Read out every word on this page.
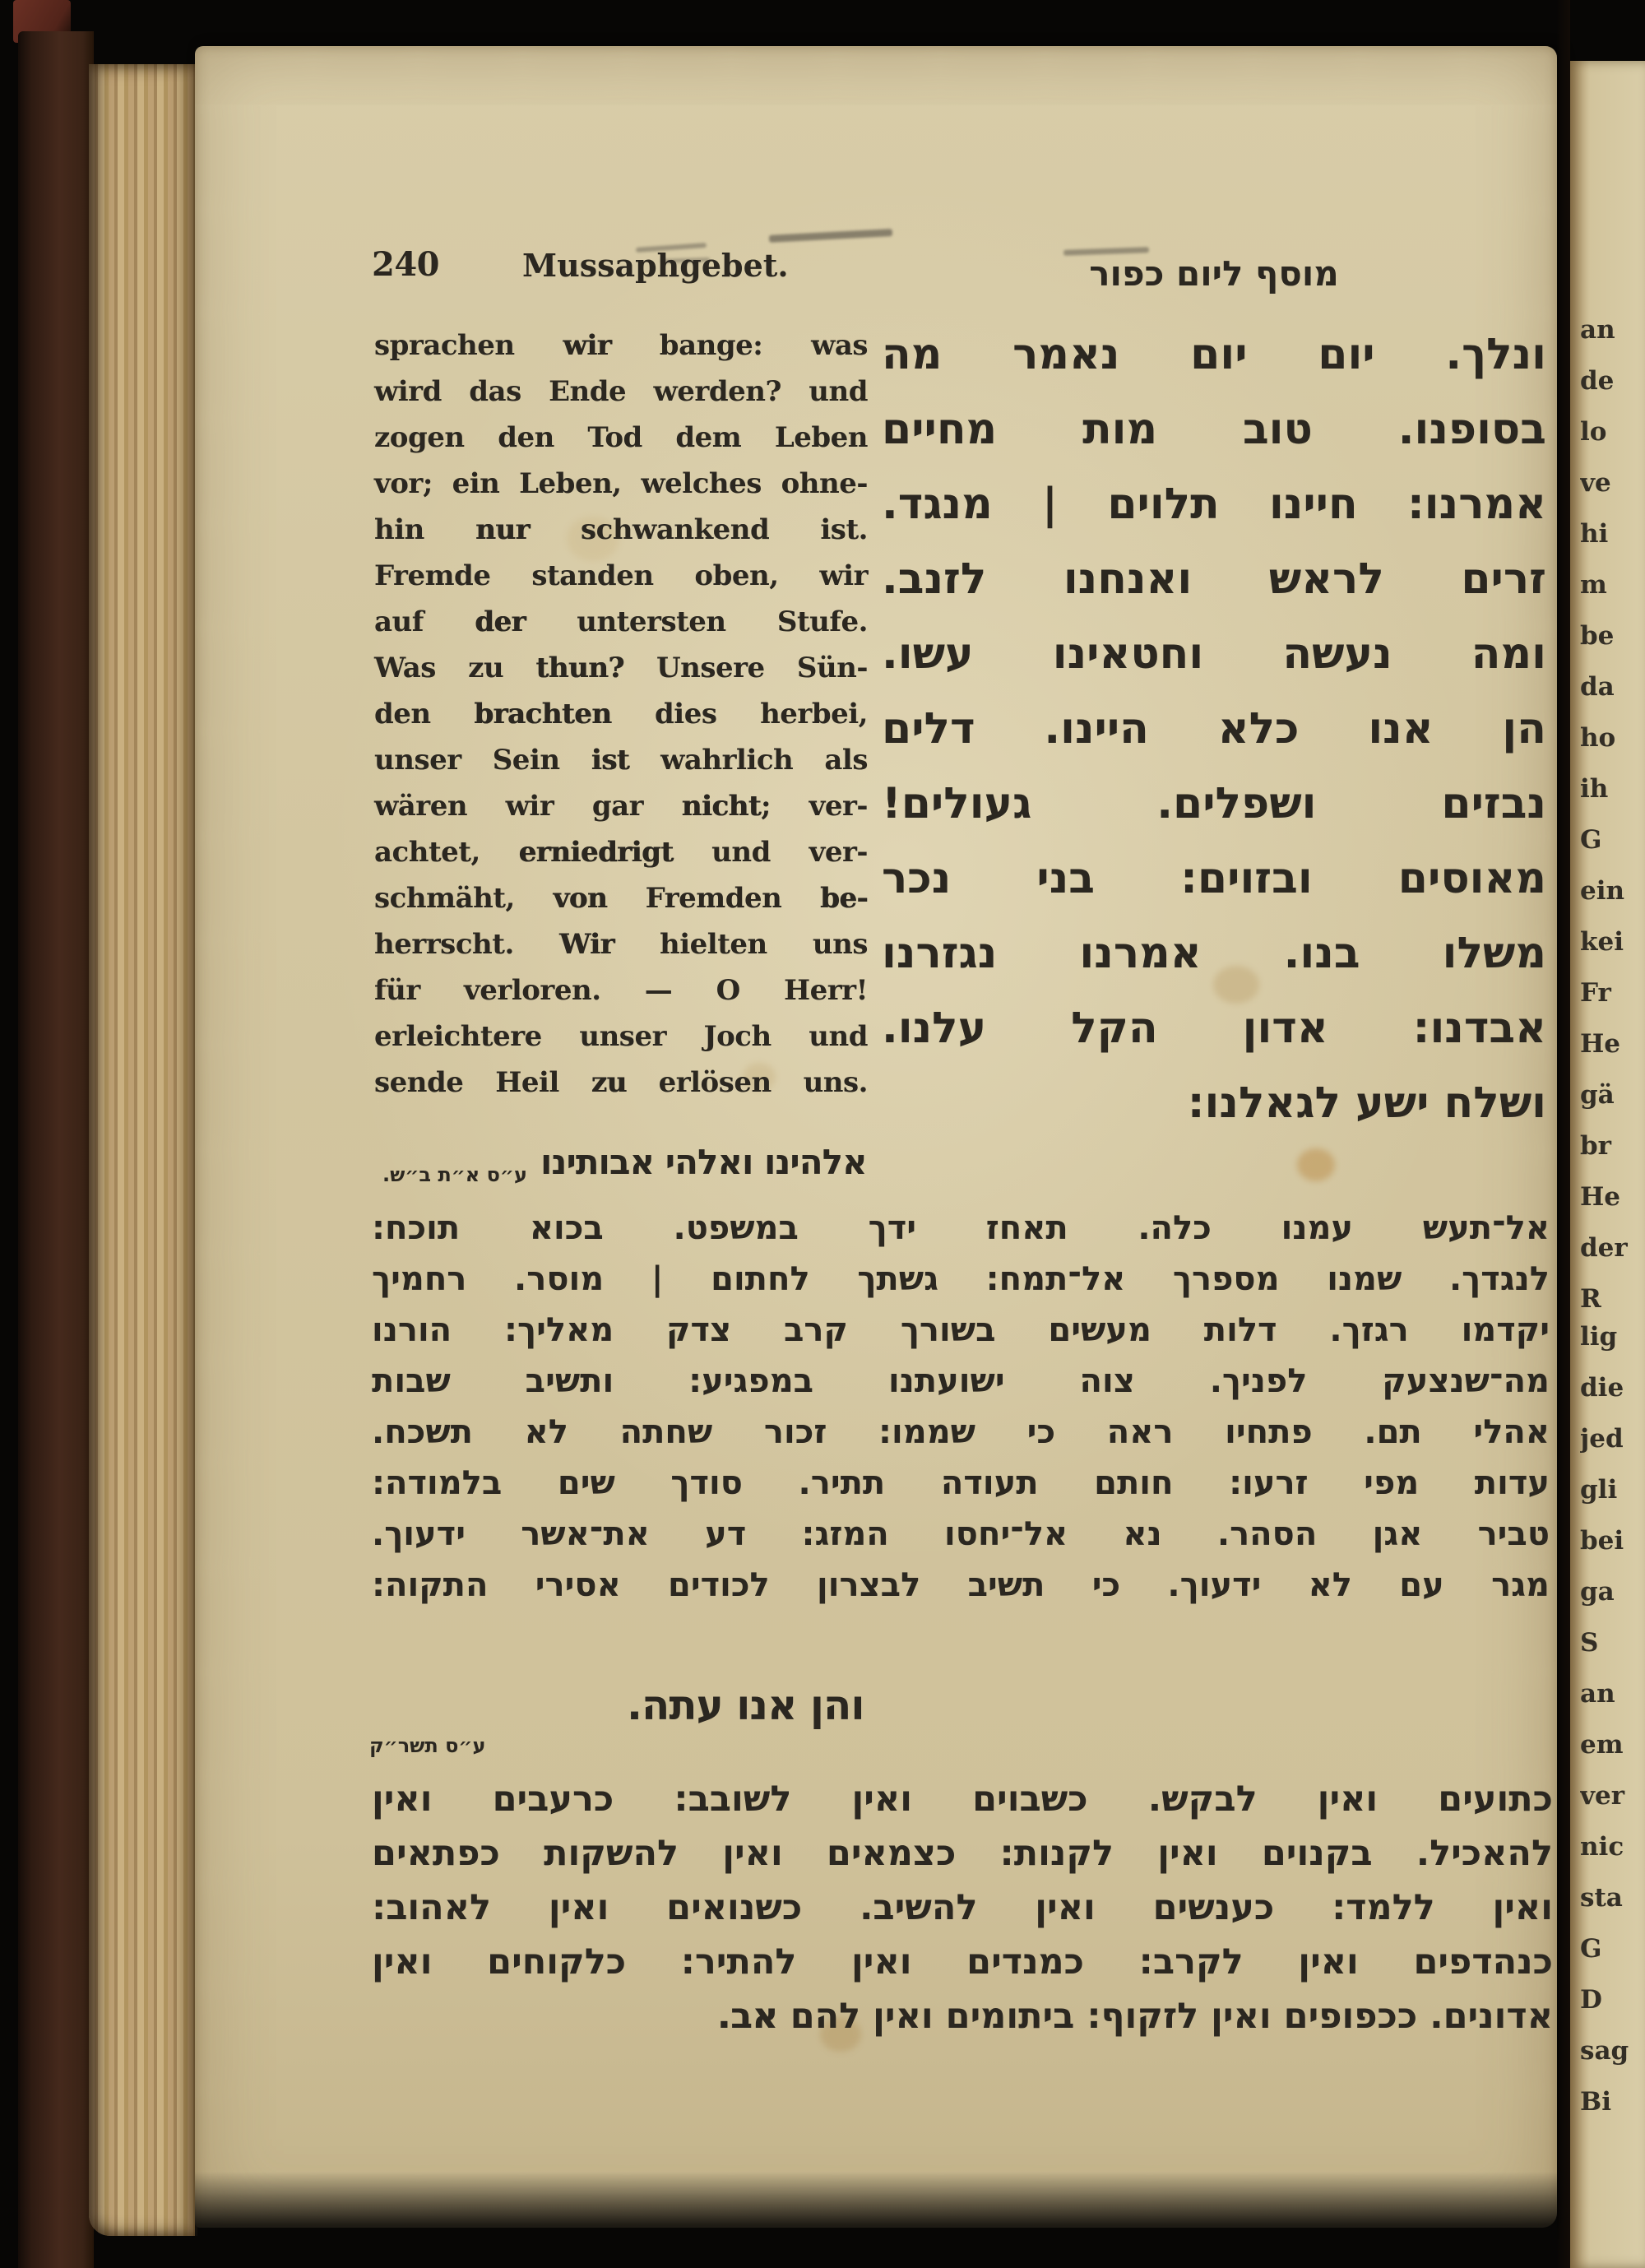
240	Mussaphgebet.	מוסף ליום כפור
sprachen wir bange: was
wird das Ende werden? und
zogen den Tod dem Leben
vor; ein Leben, welches ohne-
hin nur schwankend ist.
Fremde standen oben, wir
auf der untersten Stufe.
Was zu thun? Unsere Sün-
den brachten dies herbei,
unser Sein ist wahrlich als
wären wir gar nicht; ver-
achtet, erniedrigt und ver-
schmäht, von Fremden be-
herrscht. Wir hielten uns
für verloren. — O Herr!
erleichtere unser Joch und
sende Heil zu erlösen uns.
ונלך. יום יום נאמר מה
בסופנו. טוב מות מחיים
אמרנו: חיינו תלוים | מנגד.
זרים לראש ואנחנו לזנב.
ומה נעשה וחטאינו עשו.
הן אנו כלא היינו. דלים
נבזים ושפלים. געולים!
מאוסים ובזוים: בני נכר
משלו בנו. אמרנו נגזרנו
אבדנו: אדון הקל עלנו.
ושלח ישע לגאלנו:
ע״ס א״ת ב״ש. אלהינו ואלהי אבותינו
אל־תעש עמנו כלה. תאחז ידך במשפט. בכוא תוכח:
לנגדך. שמנו מספרך אל־תמח: גשתך לחתום | מוסר. רחמיך
יקדמו רגזך. דלות מעשים בשורך קרב צדק מאליך: הורנו
מה־שנצעק לפניך. צוה ישועתנו במפגיע: ותשיב שבות
אהלי תם. פתחיו ראה כי שממו: זכור שחתה לא תשכח.
עדות מפי זרעו: חותם תעודה תתיר. סודך שים בלמודה:
טביר אגן הסהר. נא אל־יחסו המזג: דע את־אשר ידעוך.
מגר עם לא ידעוך. כי תשיב לבצרון לכודים אסירי התקוה:
והן אנו עתה.
ע״ס תשר״ק
כתועים ואין לבקש. כשבוים ואין לשובב: כרעבים ואין
להאכיל. בקנוים ואין לקנות: כצמאים ואין להשקות כפתאים
ואין ללמד: כענשים ואין להשיב. כשנואים ואין לאהוב:
כנהדפים ואין לקרב: כמנדים ואין להתיר: כלקוחים ואין
אדונים. ככפופים ואין לזקוף: ביתומים ואין להם אב.
an
de
lo
ve
hi
m
be
da
ho
ih
G
ein
kei
Fr
He
gä
br
He
der
R
lig
die
jed
gli
bei
ga
S
an
em
ver
nic
sta
G
D
sag
Bi
